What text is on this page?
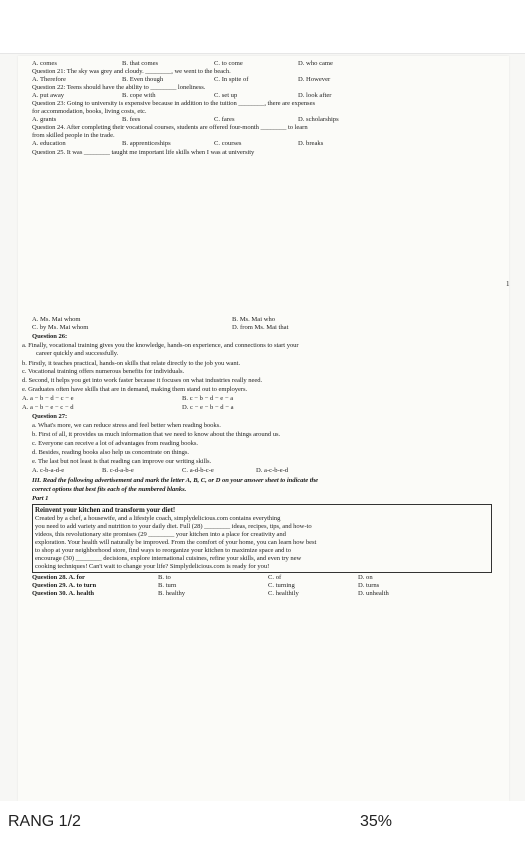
A. comes	B. that comes	C. to come	D. who came
Question 21: The sky was grey and cloudy. ________, we went to the beach.
A. Therefore	B. Even though	C. In spite of	D. However
Question 22: Teens should have the ability to ________ loneliness.
A. put away	B. cope with	C. set up	D. look after
Question 23: Going to university is expensive because in addition to the tuition ________, there are expenses
for accommodation, books, living costs, etc.
A. grants	B. fees	C. fares	D. scholarships
Question 24. After completing their vocational courses, students are offered four-month ________ to learn
from skilled people in the trade.
A. education	B. apprenticeships	C. courses	D. breaks
Question 25. It was ________ taught me important life skills when I was at university
1
A. Ms. Mai whom	B. Ms. Mai who
C. by Ms. Mai whom	D. from Ms. Mai that
Question 26:
a. Finally, vocational training gives you the knowledge, hands-on experience, and connections to start your
career quickly and successfully.
b. Firstly, it teaches practical, hands-on skills that relate directly to the job you want.
c. Vocational training offers numerous benefits for individuals.
d. Second, it helps you get into work faster because it focuses on what industries really need.
e. Graduates often have skills that are in demand, making them stand out to employers.
A. a − b − d − c − e	B. c − b − d − e − a
A. a − b − e − c − d	D. c − e − b − d − a
Question 27:
a. What's more, we can reduce stress and feel better when reading books.
b. First of all, it provides us much information that we need to know about the things around us.
c. Everyone can receive a lot of advantages from reading books.
d. Besides, reading books also help us concentrate on things.
e. The last but not least is that reading can improve our writing skills.
A. c-b-a-d-e	B. c-d-a-b-e	C. a-d-b-c-e	D. a-c-b-e-d
III. Read the following advertisement and mark the letter A, B, C, or D on your answer sheet to indicate the
correct options that best fits each of the numbered blanks.
Part 1
Reinvent your kitchen and transform your diet!
Created by a chef, a housewife, and a lifestyle coach, simplydelicious.com contains everything
you need to add variety and nutrition to your daily diet. Full (28) ________ ideas, recipes, tips, and how-to
videos, this revolutionary site promises (29 ________ your kitchen into a place for creativity and
exploration. Your health will naturally be improved. From the comfort of your home, you can learn how best
to shop at your neighborhood store, find ways to reorganize your kitchen to maximize space and to
encourage (30) ________ decisions, explore international cuisines, refine your skills, and even try new
cooking techniques! Can't wait to change your life? Simplydelicious.com is ready for you!
Question 28. A. for	B. to	C. of	D. on
Question 29. A. to turn	B. turn	C. turning	D. turns
Question 30. A. health	B. healthy	C. healthily	D. unhealth
RANG 1/2	35%
